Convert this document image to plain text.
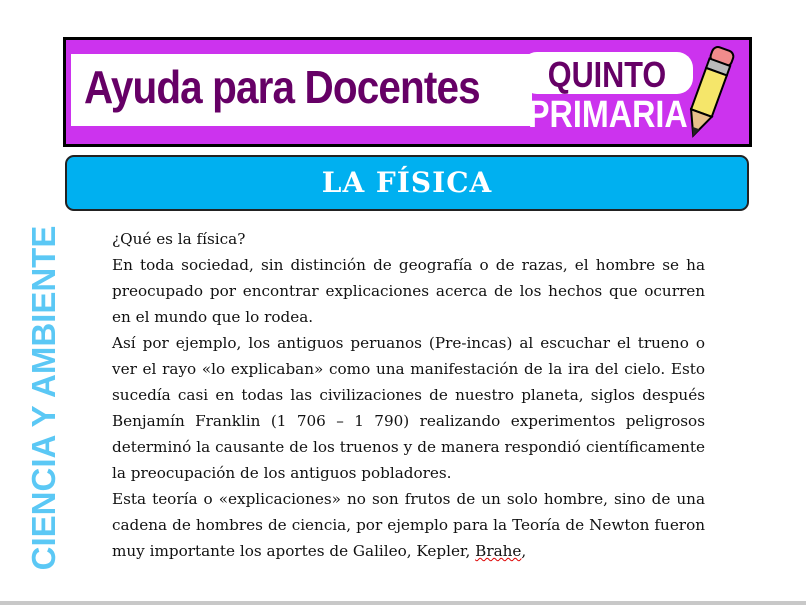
Ayuda para Docentes	QUINTO
PRIMARIA
LA FÍSICA
CIENCIA Y AMBIENTE	¿Qué es la física?

En toda sociedad, sin distinción de geografía o de razas, el hombre se ha preocupado por encontrar explicaciones acerca de los hechos que ocurren en el mundo que lo rodea.

Así por ejemplo, los antiguos peruanos (Pre-incas) al escuchar el trueno o ver el rayo «lo explicaban» como una manifestación de la ira del cielo. Esto sucedía casi en todas las civilizaciones de nuestro planeta, siglos después Benjamín Franklin (1 706 – 1 790) realizando experimentos peligrosos determinó la causante de los truenos y de manera respondió científicamente la preocupación de los antiguos pobladores.

Esta teoría o «explicaciones» no son frutos de un solo hombre, sino de una cadena de hombres de ciencia, por ejemplo para la Teoría de Newton fueron muy importante los aportes de Galileo, Kepler, Brahe,
